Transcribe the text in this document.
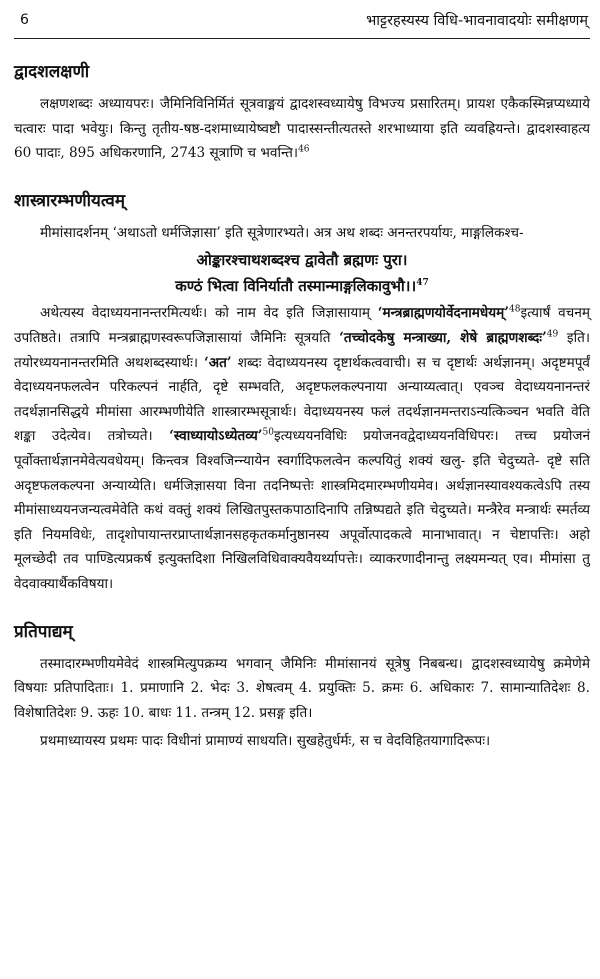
6	भाट्टरहस्यस्य विधि-भावनावादयोः समीक्षणम्
द्वादशलक्षणी

लक्षणशब्दः अध्यायपरः। जैमिनिविनिर्मितं सूत्रवाङ्मयं द्वादशस्वध्यायेषु विभज्य प्रसारितम्। प्रायश एकैकस्मिन्नप्यध्याये चत्वारः पादा भवेयुः। किन्तु तृतीय-षष्ठ-दशमाध्यायेष्वष्टौ पादास्सन्तीत्यतस्ते शरभाध्याया इति व्यवह्रियन्ते। द्वादशस्वाहत्य 60 पादाः, 895 अधिकरणानि, 2743 सूत्राणि च भवन्ति।$^{46}$

शास्त्रारम्भणीयत्वम्

मीमांसादर्शनम् ‘अथाऽतो धर्मजिज्ञासा’ इति सूत्रेणारभ्यते। अत्र अथ शब्दः अनन्तरपर्यायः, माङ्गलिकश्च-

ओङ्कारश्चाथशब्दश्च द्वावेतौ ब्रह्मणः पुरा।
कण्ठं भित्वा विनिर्यातौ तस्मान्माङ्गलिकावुभौ।।$^{47}$

अथेत्यस्य वेदाध्ययनानन्तरमित्यर्थः। को नाम वेद इति जिज्ञासायाम् ‘मन्त्रब्राह्मणयोर्वेदनामधेयम्’$^{48}$इत्यार्षं वचनम् उपतिष्ठते। तत्रापि मन्त्रब्राह्मणस्वरूपजिज्ञासायां जैमिनिः सूत्रयति ‘तच्चोदकेषु मन्त्राख्या, शेषे ब्राह्मणशब्दः’$^{49}$ इति। तयोरध्ययनानन्तरमिति अथशब्दस्यार्थः। ‘अत’ शब्दः वेदाध्ययनस्य दृष्टार्थकत्ववाची। स च दृष्टार्थः अर्थज्ञानम्। अदृष्टमपूर्वं वेदाध्ययनफलत्वेन परिकल्पनं नार्हति, दृष्टे सम्भवति, अदृष्टफलकल्पनाया अन्याय्यत्वात्। एवञ्च वेदाध्ययनानन्तरं तदर्थज्ञानसिद्धये मीमांसा आरम्भणीयेति शास्त्रारम्भसूत्रार्थः। वेदाध्ययनस्य फलं तदर्थज्ञानमन्तराऽन्यत्किञ्चन भवति वेति शङ्का उदेत्येव। तत्रोच्यते। ‘स्वाध्यायोऽध्येतव्य’$^{50}$इत्यध्ययनविधिः प्रयोजनवद्वेदाध्ययनविधिपरः। तच्च प्रयोजनं पूर्वोक्तार्थज्ञानमेवेत्यवधेयम्। किन्त्वत्र विश्वजिन्न्यायेन स्वर्गादिफलत्वेन कल्पयितुं शक्यं खलु- इति चेदुच्यते- दृष्टे सति अदृष्टफलकल्पना अन्याय्येति। धर्मजिज्ञासया विना तदनिष्पत्तेः शास्त्रमिदमारम्भणीयमेव। अर्थज्ञानस्यावश्यकत्वेऽपि तस्य मीमांसाध्ययनजन्यत्वमेवेति कथं वक्तुं शक्यं लिखितपुस्तकपाठादिनापि तन्निष्पद्यते इति चेदुच्यते। मन्त्रैरेव मन्त्रार्थः स्मर्तव्य इति नियमविधेः, तादृशोपायान्तरप्राप्तार्थज्ञानसहकृतकर्मानुष्ठानस्य अपूर्वोत्पादकत्वे मानाभावात्। न चेष्टापत्तिः। अहो मूलच्छेदी तव पाण्डित्यप्रकर्ष इत्युक्तदिशा निखिलविधिवाक्यवैयर्थ्यापत्तेः। व्याकरणादीनान्तु लक्ष्यमन्यत् एव। मीमांसा तु वेदवाक्यार्थैकविषया।

प्रतिपाद्यम्

तस्मादारम्भणीयमेवेदं शास्त्रमित्युपक्रम्य भगवान् जैमिनिः मीमांसानयं सूत्रेषु निबबन्ध। द्वादशस्वध्यायेषु क्रमेणेमे विषयाः प्रतिपादिताः। 1. प्रमाणानि 2. भेदः 3. शेषत्वम् 4. प्रयुक्तिः 5. क्रमः 6. अधिकारः 7. सामान्यातिदेशः 8. विशेषातिदेशः 9. ऊहः 10. बाधः 11. तन्त्रम् 12. प्रसङ्ग इति।

प्रथमाध्यायस्य प्रथमः पादः विधीनां प्रामाण्यं साधयति। सुखहेतुर्धर्मः, स च वेदविहितयागादिरूपः।
